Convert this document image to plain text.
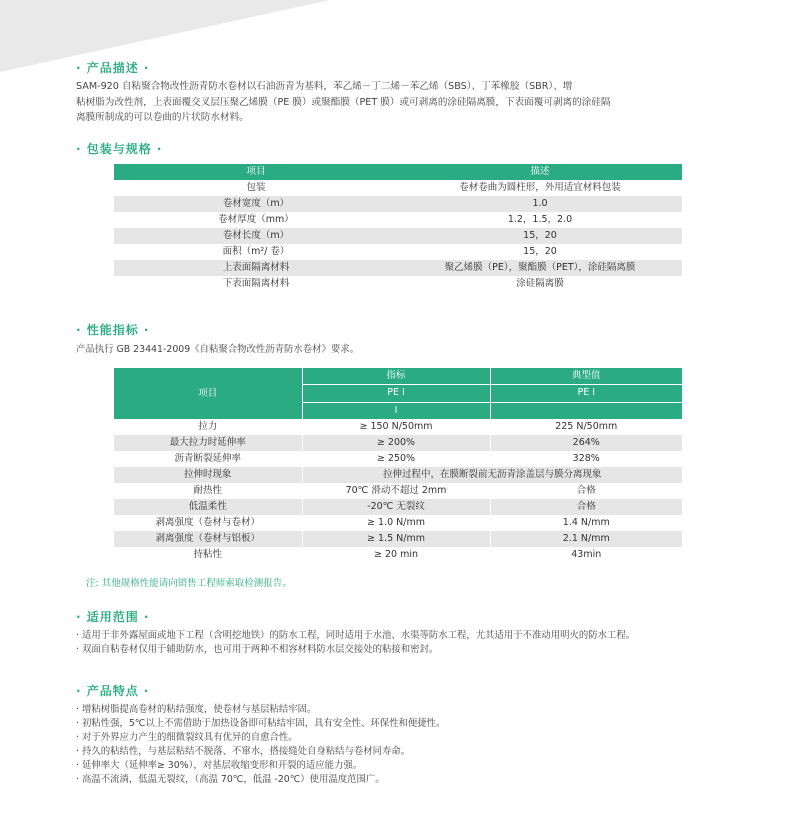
· 产品描述 ·
SAM-920 自粘聚合物改性沥青防水卷材以石油沥青为基料，苯乙烯－丁二烯－苯乙烯（SBS）、丁苯橡胶（SBR）、增
粘树脂为改性剂，上表面覆交叉层压聚乙烯膜（PE 膜）或聚酯膜（PET 膜）或可剥离的涂硅隔离膜，下表面覆可剥离的涂硅隔
离膜所制成的可以卷曲的片状防水材料。
· 包装与规格 ·
项目	描述
包装	卷材卷曲为圆柱形，外用适宜材料包装
卷材宽度（m）	1.0
卷材厚度（mm）	1.2，1.5，2.0
卷材长度（m）	15，20
面积（m²/ 卷）	15，20
上表面隔离材料	聚乙烯膜（PE），聚酯膜（PET），涂硅隔离膜
下表面隔离材料	涂硅隔离膜
· 性能指标 ·
产品执行 GB 23441-2009《自粘聚合物改性沥青防水卷材》要求。
项目	指标	典型值
	PE Ⅰ	PE Ⅰ
	Ⅰ	
拉力	≥ 150 N/50mm	225 N/50mm
最大拉力时延伸率	≥ 200%	264%
沥青断裂延伸率	≥ 250%	328%
拉伸时现象	拉伸过程中，在膜断裂前无沥青涂盖层与膜分离现象	
耐热性	70℃ 滑动不超过 2mm	合格
低温柔性	-20℃ 无裂纹	合格
剥离强度（卷材与卷材）	≥ 1.0 N/mm	1.4 N/mm
剥离强度（卷材与铝板）	≥ 1.5 N/mm	2.1 N/mm
持粘性	≥ 20 min	43min
注: 其他规格性能请向销售工程师索取检测报告。
· 适用范围 ·
· 适用于非外露屋面或地下工程（含明挖地铁）的防水工程，同时适用于水池、水渠等防水工程，尤其适用于不准动用明火的防水工程。
· 双面自粘卷材仅用于辅助防水，也可用于两种不相容材料防水层交接处的粘接和密封。
· 产品特点 ·
· 增粘树脂提高卷材的粘结强度，使卷材与基层粘结牢固。
· 初粘性强，5℃以上不需借助于加热设备即可粘结牢固，具有安全性、环保性和便捷性。
· 对于外界应力产生的细微裂纹具有优异的自愈合性。
· 持久的粘结性，与基层粘结不脱落、不窜水，搭接缝处自身粘结与卷材同寿命。
· 延伸率大（延伸率≥ 30%），对基层收缩变形和开裂的适应能力强。
· 高温不流淌，低温无裂纹，（高温 70℃，低温 -20℃）使用温度范围广。
